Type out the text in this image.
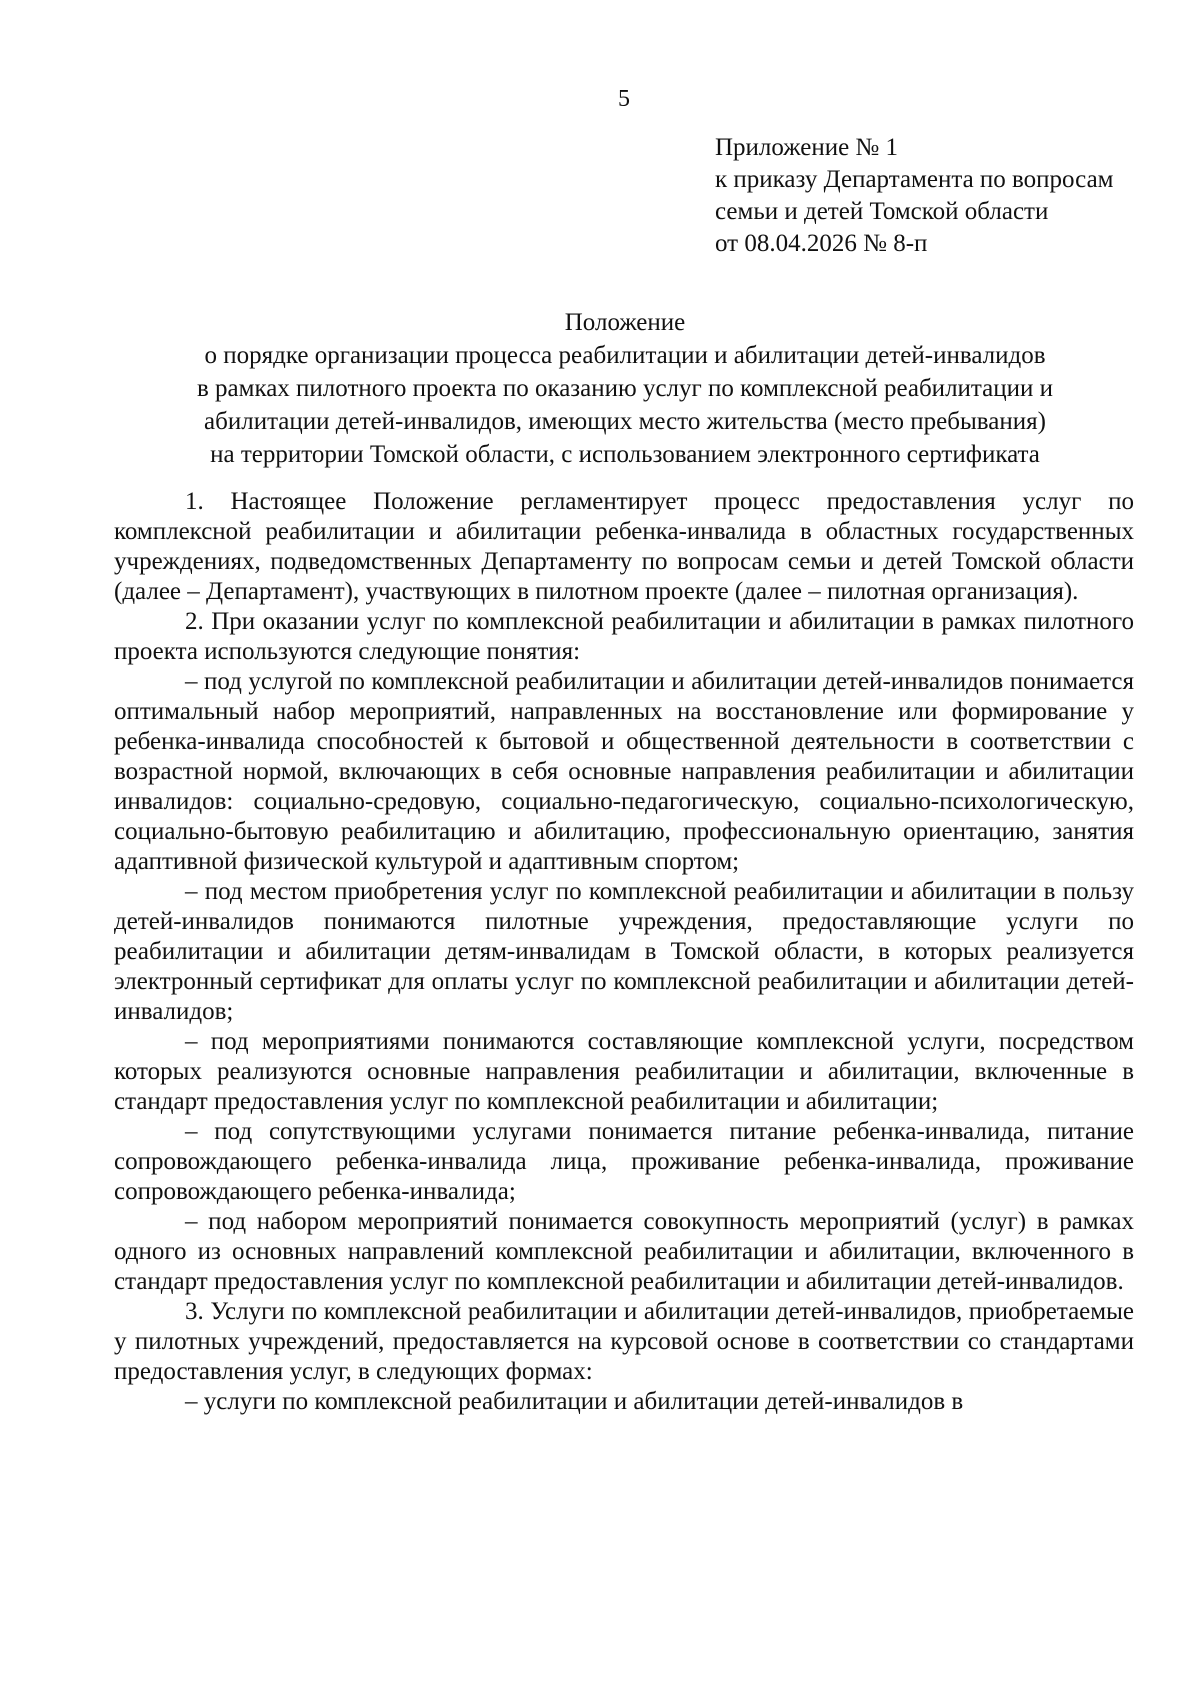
5
Приложение № 1
к приказу Департамента по вопросам
семьи и детей Томской области
от 08.04.2026 № 8-п
Положение
о порядке организации процесса реабилитации и абилитации детей-инвалидов
в рамках пилотного проекта по оказанию услуг по комплексной реабилитации и
абилитации детей-инвалидов, имеющих место жительства (место пребывания)
на территории Томской области, с использованием электронного сертификата

1. Настоящее Положение регламентирует процесс предоставления услуг по комплексной реабилитации и абилитации ребенка-инвалида в областных государственных учреждениях, подведомственных Департаменту по вопросам семьи и детей Томской области (далее – Департамент), участвующих в пилотном проекте (далее – пилотная организация).

2. При оказании услуг по комплексной реабилитации и абилитации в рамках пилотного проекта используются следующие понятия:

– под услугой по комплексной реабилитации и абилитации детей-инвалидов понимается оптимальный набор мероприятий, направленных на восстановление или формирование у ребенка-инвалида способностей к бытовой и общественной деятельности в соответствии с возрастной нормой, включающих в себя основные направления реабилитации и абилитации инвалидов: социально-средовую, социально-педагогическую, социально-психологическую, социально-бытовую реабилитацию и абилитацию, профессиональную ориентацию, занятия адаптивной физической культурой и адаптивным спортом;

– под местом приобретения услуг по комплексной реабилитации и абилитации в пользу детей-инвалидов понимаются пилотные учреждения, предоставляющие услуги по реабилитации и абилитации детям-инвалидам в Томской области, в которых реализуется электронный сертификат для оплаты услуг по комплексной реабилитации и абилитации детей-инвалидов;

– под мероприятиями понимаются составляющие комплексной услуги, посредством которых реализуются основные направления реабилитации и абилитации, включенные в стандарт предоставления услуг по комплексной реабилитации и абилитации;

– под сопутствующими услугами понимается питание ребенка-инвалида, питание сопровождающего ребенка-инвалида лица, проживание ребенка-инвалида, проживание сопровождающего ребенка-инвалида;

– под набором мероприятий понимается совокупность мероприятий (услуг) в рамках одного из основных направлений комплексной реабилитации и абилитации, включенного в стандарт предоставления услуг по комплексной реабилитации и абилитации детей-инвалидов.

3. Услуги по комплексной реабилитации и абилитации детей-инвалидов, приобретаемые у пилотных учреждений, предоставляется на курсовой основе в соответствии со стандартами предоставления услуг, в следующих формах:

– услуги по комплексной реабилитации и абилитации детей-инвалидов в
